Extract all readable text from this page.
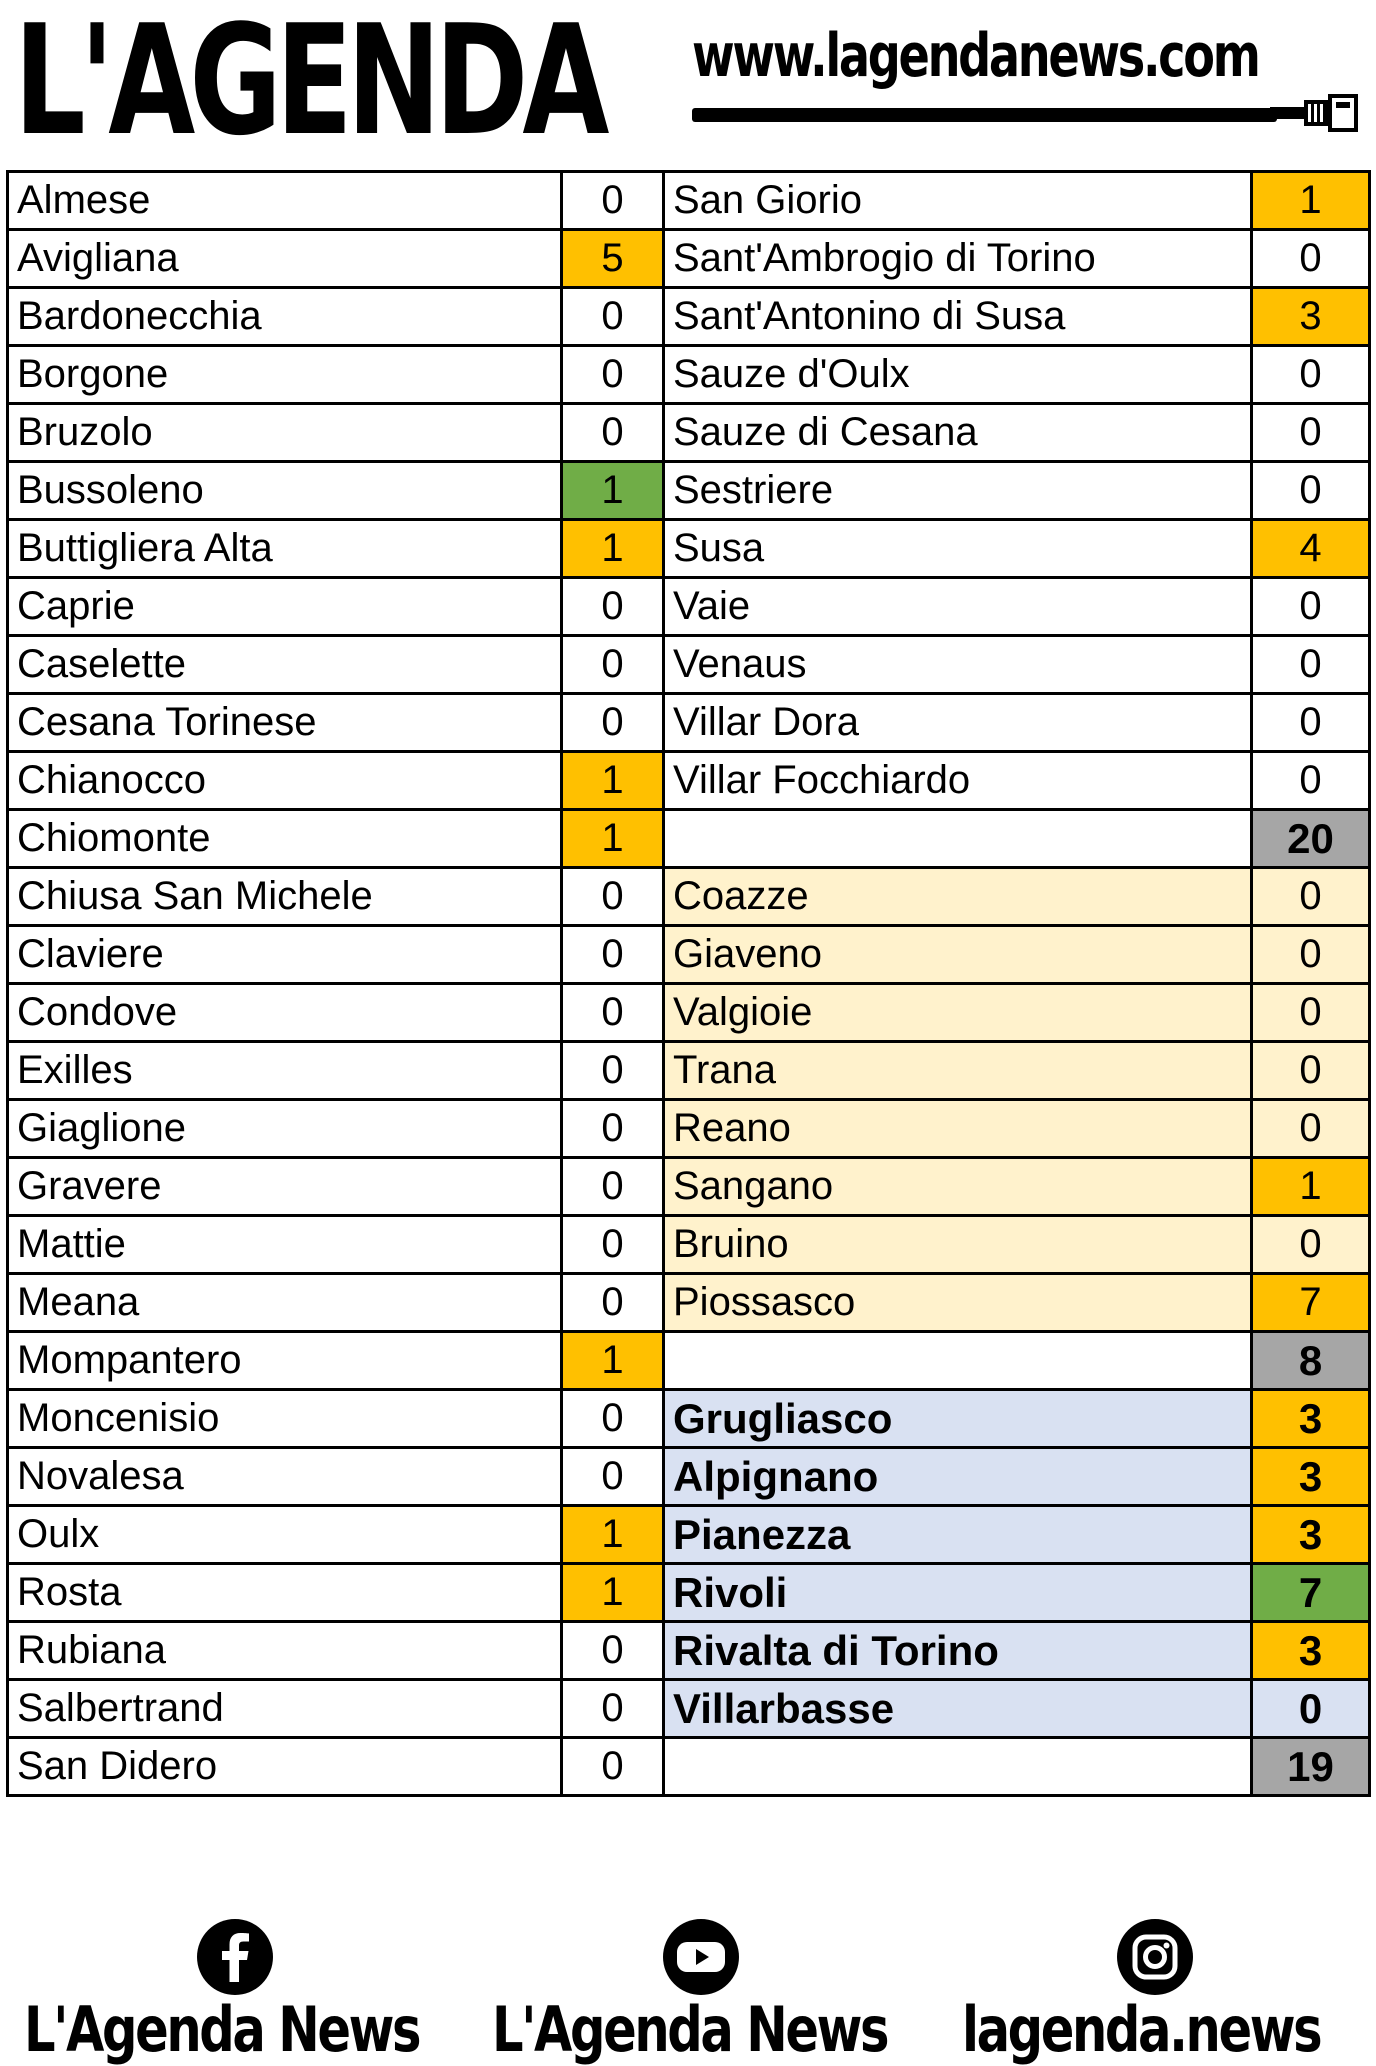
L'AGENDA www.lagendanews.com
Almese	0	San Giorio	1
Avigliana	5	Sant'Ambrogio di Torino	0
Bardonecchia	0	Sant'Antonino di Susa	3
Borgone	0	Sauze d'Oulx	0
Bruzolo	0	Sauze di Cesana	0
Bussoleno	1	Sestriere	0
Buttigliera Alta	1	Susa	4
Caprie	0	Vaie	0
Caselette	0	Venaus	0
Cesana Torinese	0	Villar Dora	0
Chianocco	1	Villar Focchiardo	0
Chiomonte	1		20
Chiusa San Michele	0	Coazze	0
Claviere	0	Giaveno	0
Condove	0	Valgioie	0
Exilles	0	Trana	0
Giaglione	0	Reano	0
Gravere	0	Sangano	1
Mattie	0	Bruino	0
Meana	0	Piossasco	7
Mompantero	1		8
Moncenisio	0	Grugliasco	3
Novalesa	0	Alpignano	3
Oulx	1	Pianezza	3
Rosta	1	Rivoli	7
Rubiana	0	Rivalta di Torino	3
Salbertrand	0	Villarbasse	0
San Didero	0		19
L'Agenda News L'Agenda News lagenda.news
